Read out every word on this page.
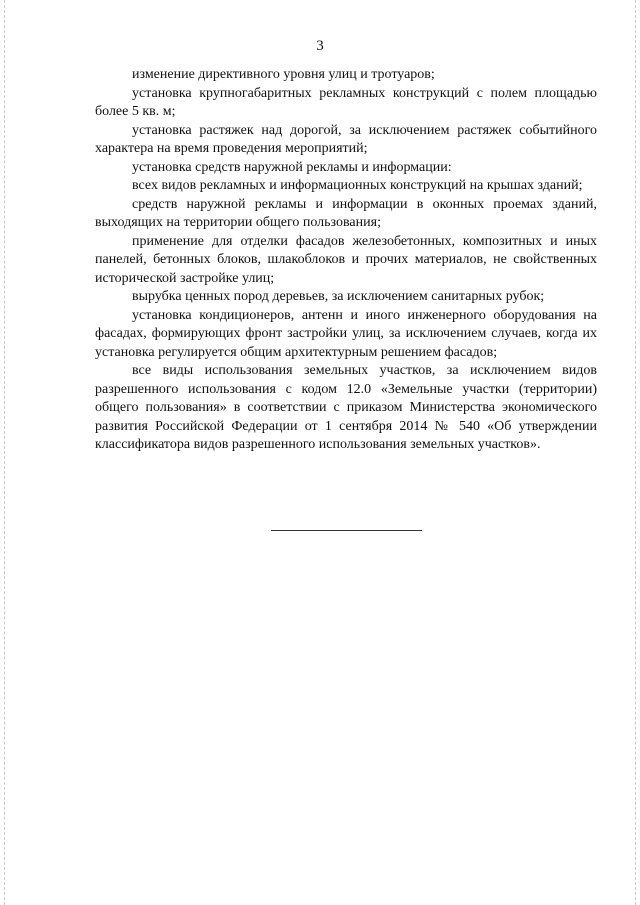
3

изменение директивного уровня улиц и тротуаров;

установка крупногабаритных рекламных конструкций с полем площадью более 5 кв. м;

установка растяжек над дорогой, за исключением растяжек событийного характера на время проведения мероприятий;

установка средств наружной рекламы и информации:

всех видов рекламных и информационных конструкций на крышах зданий;

средств наружной рекламы и информации в оконных проемах зданий, выходящих на территории общего пользования;

применение для отделки фасадов железобетонных, композитных и иных панелей, бетонных блоков, шлакоблоков и прочих материалов, не свойственных исторической застройке улиц;

вырубка ценных пород деревьев, за исключением санитарных рубок;

установка кондиционеров, антенн и иного инженерного оборудования на фасадах, формирующих фронт застройки улиц, за исключением случаев, когда их установка регулируется общим архитектурным решением фасадов;

все виды использования земельных участков, за исключением видов разрешенного использования с кодом 12.0 «Земельные участки (территории) общего пользования» в соответствии с приказом Министерства экономического развития Российской Федерации от 1 сентября 2014 № 540 «Об утверждении классификатора видов разрешенного использования земельных участков».
